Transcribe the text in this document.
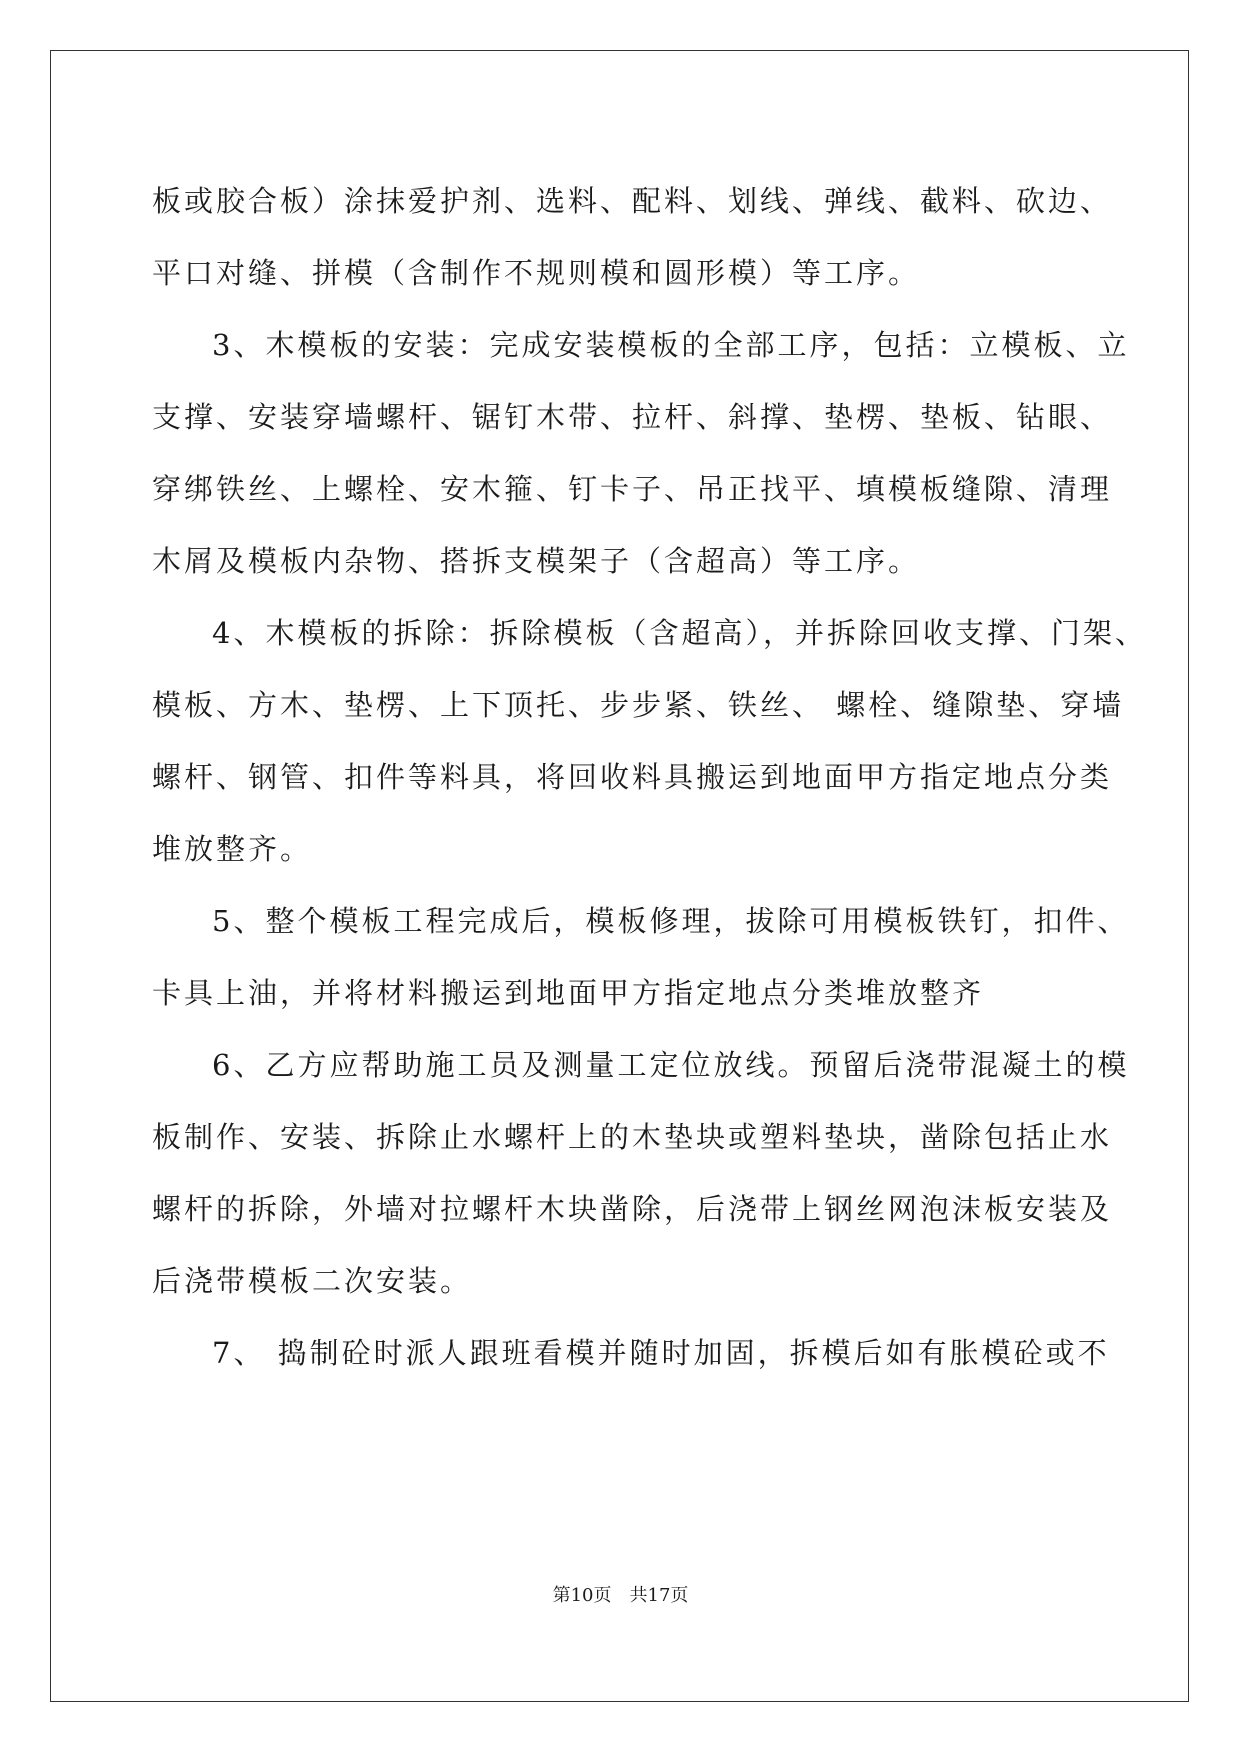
板或胶合板）涂抹爱护剂、选料、配料、划线、弹线、截料、砍边、
平口对缝、拼模（含制作不规则模和圆形模）等工序。
3、木模板的安装：完成安装模板的全部工序，包括：立模板、立
支撑、安装穿墙螺杆、锯钉木带、拉杆、斜撑、垫楞、垫板、钻眼、
穿绑铁丝、上螺栓、安木箍、钉卡子、吊正找平、填模板缝隙、清理
木屑及模板内杂物、搭拆支模架子（含超高）等工序。
4、木模板的拆除：拆除模板（含超高），并拆除回收支撑、门架、
模板、方木、垫楞、上下顶托、步步紧、铁丝、 螺栓、缝隙垫、穿墙
螺杆、钢管、扣件等料具，将回收料具搬运到地面甲方指定地点分类
堆放整齐。
5、整个模板工程完成后，模板修理，拔除可用模板铁钉，扣件、
卡具上油，并将材料搬运到地面甲方指定地点分类堆放整齐
6、乙方应帮助施工员及测量工定位放线。预留后浇带混凝土的模
板制作、安装、拆除止水螺杆上的木垫块或塑料垫块，凿除包括止水
螺杆的拆除，外墙对拉螺杆木块凿除，后浇带上钢丝网泡沫板安装及
后浇带模板二次安装。
7、 捣制砼时派人跟班看模并随时加固，拆模后如有胀模砼或不
第10页 共17页
